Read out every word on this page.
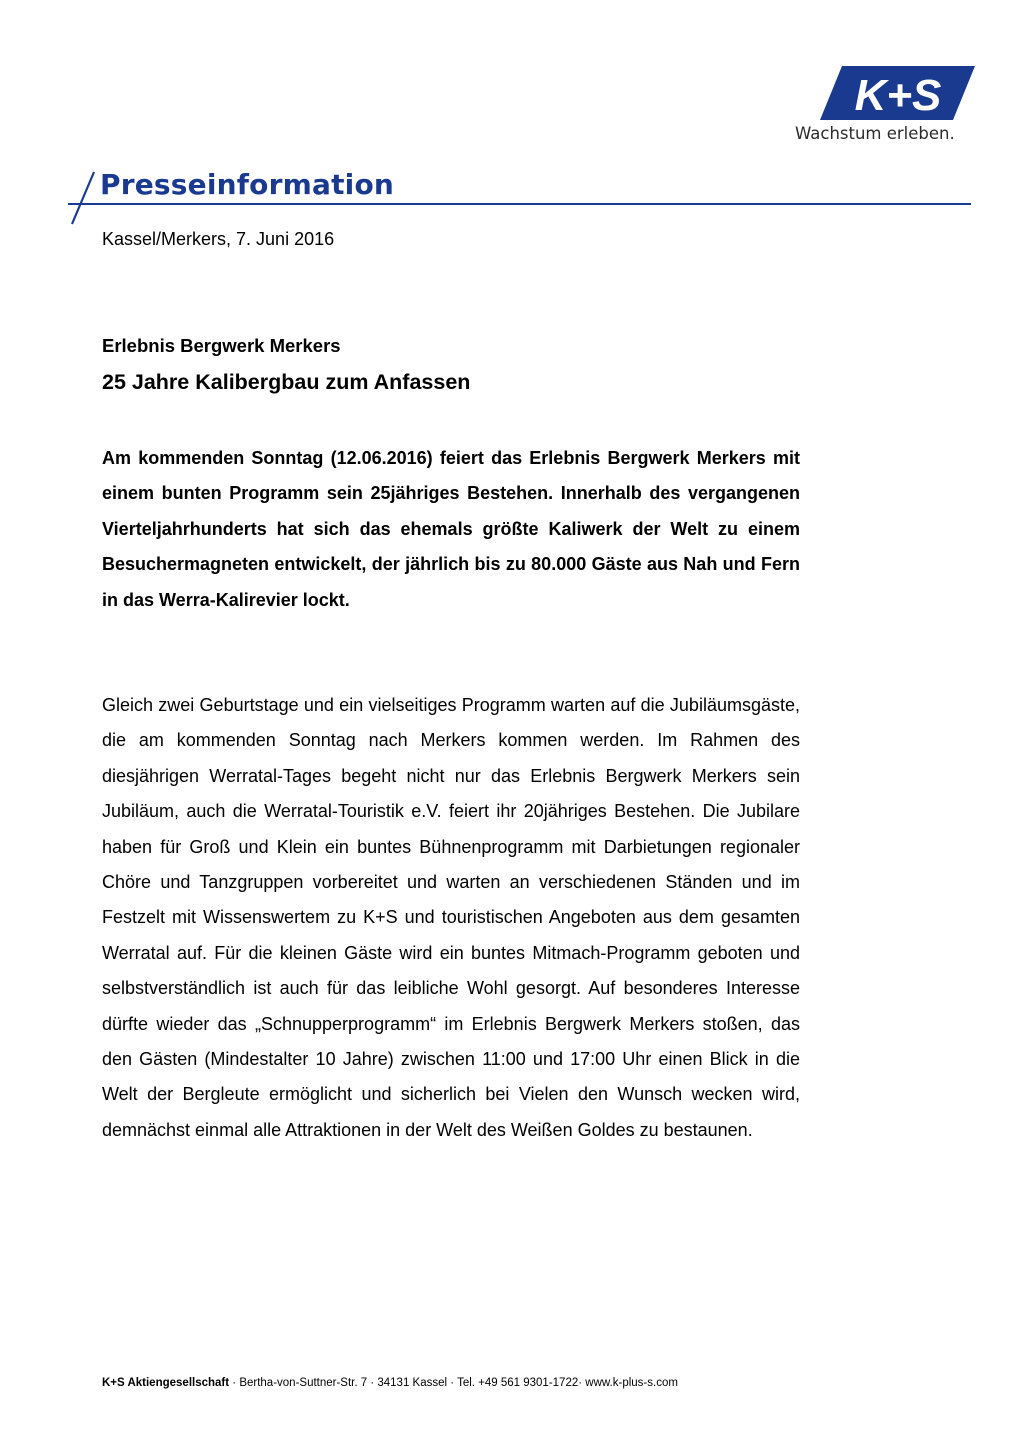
K+S
Wachstum erleben.
Presseinformation
Kassel/Merkers, 7. Juni 2016
Erlebnis Bergwerk Merkers
25 Jahre Kalibergbau zum Anfassen

Am kommenden Sonntag (12.06.2016) feiert das Erlebnis Bergwerk Merkers mit einem bunten Programm sein 25jähriges Bestehen. Innerhalb des vergangenen Vierteljahrhunderts hat sich das ehemals größte Kaliwerk der Welt zu einem Besuchermagneten entwickelt, der jährlich bis zu 80.000 Gäste aus Nah und Fern in das Werra-Kalirevier lockt.

Gleich zwei Geburtstage und ein vielseitiges Programm warten auf die Jubiläumsgäste, die am kommenden Sonntag nach Merkers kommen werden. Im Rahmen des diesjährigen Werratal-Tages begeht nicht nur das Erlebnis Bergwerk Merkers sein Jubiläum, auch die Werratal-Touristik e.V. feiert ihr 20jähriges Bestehen. Die Jubilare haben für Groß und Klein ein buntes Bühnenprogramm mit Darbietungen regionaler Chöre und Tanzgruppen vorbereitet und warten an verschiedenen Ständen und im Festzelt mit Wissenswertem zu K+S und touristischen Angeboten aus dem gesamten Werratal auf. Für die kleinen Gäste wird ein buntes Mitmach-Programm geboten und selbstverständlich ist auch für das leibliche Wohl gesorgt. Auf besonderes Interesse dürfte wieder das „Schnupperprogramm“ im Erlebnis Bergwerk Merkers stoßen, das den Gästen (Mindestalter 10 Jahre) zwischen 11:00 und 17:00 Uhr einen Blick in die Welt der Bergleute ermöglicht und sicherlich bei Vielen den Wunsch wecken wird, demnächst einmal alle Attraktionen in der Welt des Weißen Goldes zu bestaunen.

K+S Aktiengesellschaft · Bertha-von-Suttner-Str. 7 · 34131 Kassel · Tel. +49 561 9301-1722· www.k-plus-s.com
